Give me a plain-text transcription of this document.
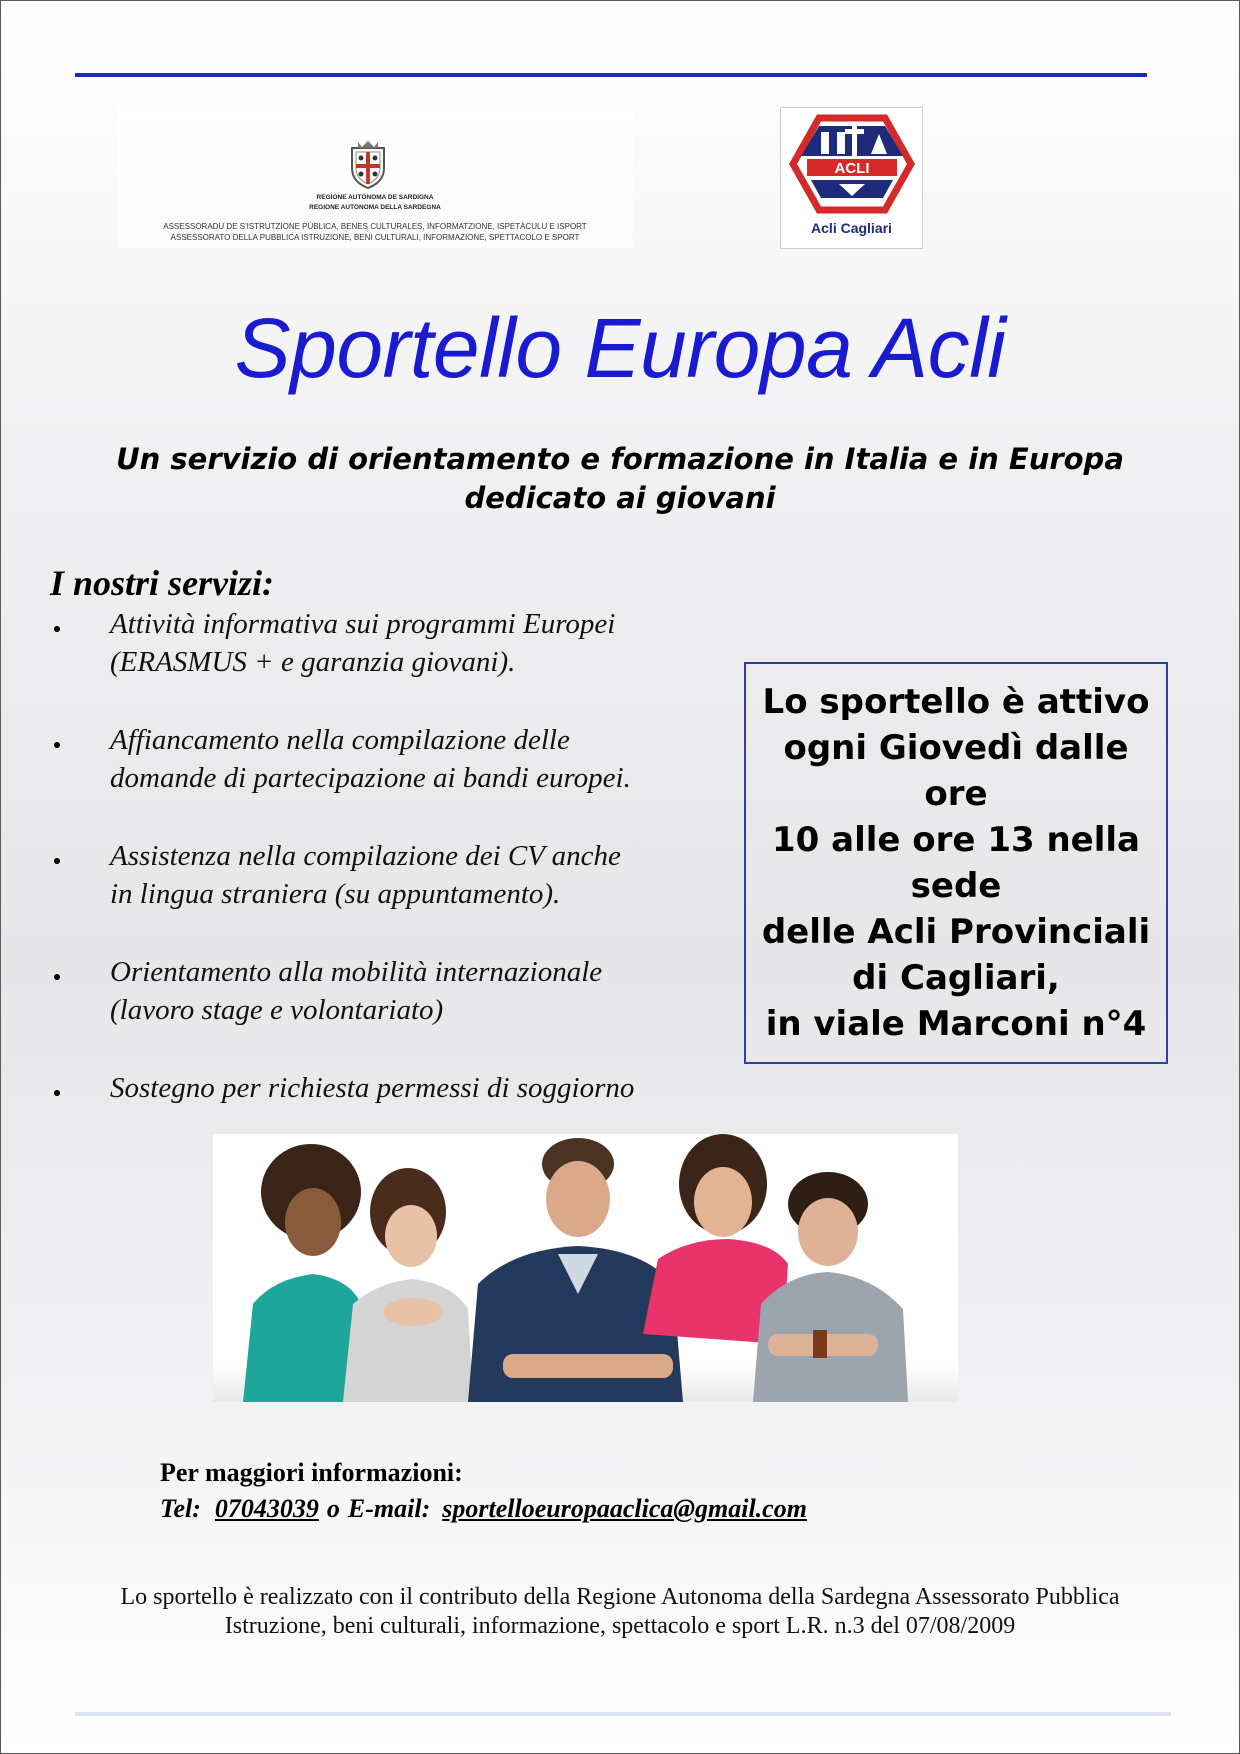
REGIONE AUTÒNOMA DE SARDIGNA
REGIONE AUTONOMA DELLA SARDEGNA
ASSESSORADU DE S'ISTRUTZIONE PÙBLICA, BENES CULTURALES, INFORMATZIONE, ISPETÀCULU E ISPORT
ASSESSORATO DELLA PUBBLICA ISTRUZIONE, BENI CULTURALI, INFORMAZIONE, SPETTACOLO E SPORT
ACLI
Acli Cagliari
Sportello Europa Acli
Un servizio di orientamento e formazione in Italia e in Europa
dedicato ai giovani
I nostri servizi:
Attività informativa sui programmi Europei
(ERASMUS + e garanzia giovani).
Affiancamento nella compilazione delle
domande di partecipazione ai bandi europei.
Assistenza nella compilazione dei CV anche
in lingua straniera (su appuntamento).
Orientamento alla mobilità internazionale
(lavoro stage e volontariato)
Sostegno per richiesta permessi di soggiorno
Lo sportello è attivo
ogni Giovedì dalle ore
10 alle ore 13 nella
sede
delle Acli Provinciali
di Cagliari,
in viale Marconi n°4
Per maggiori informazioni:
Tel: 07043039 o E-mail: sportelloeuropaaclica@gmail.com
Lo sportello è realizzato con il contributo della Regione Autonoma della Sardegna Assessorato Pubblica
Istruzione, beni culturali, informazione, spettacolo e sport L.R. n.3 del 07/08/2009
